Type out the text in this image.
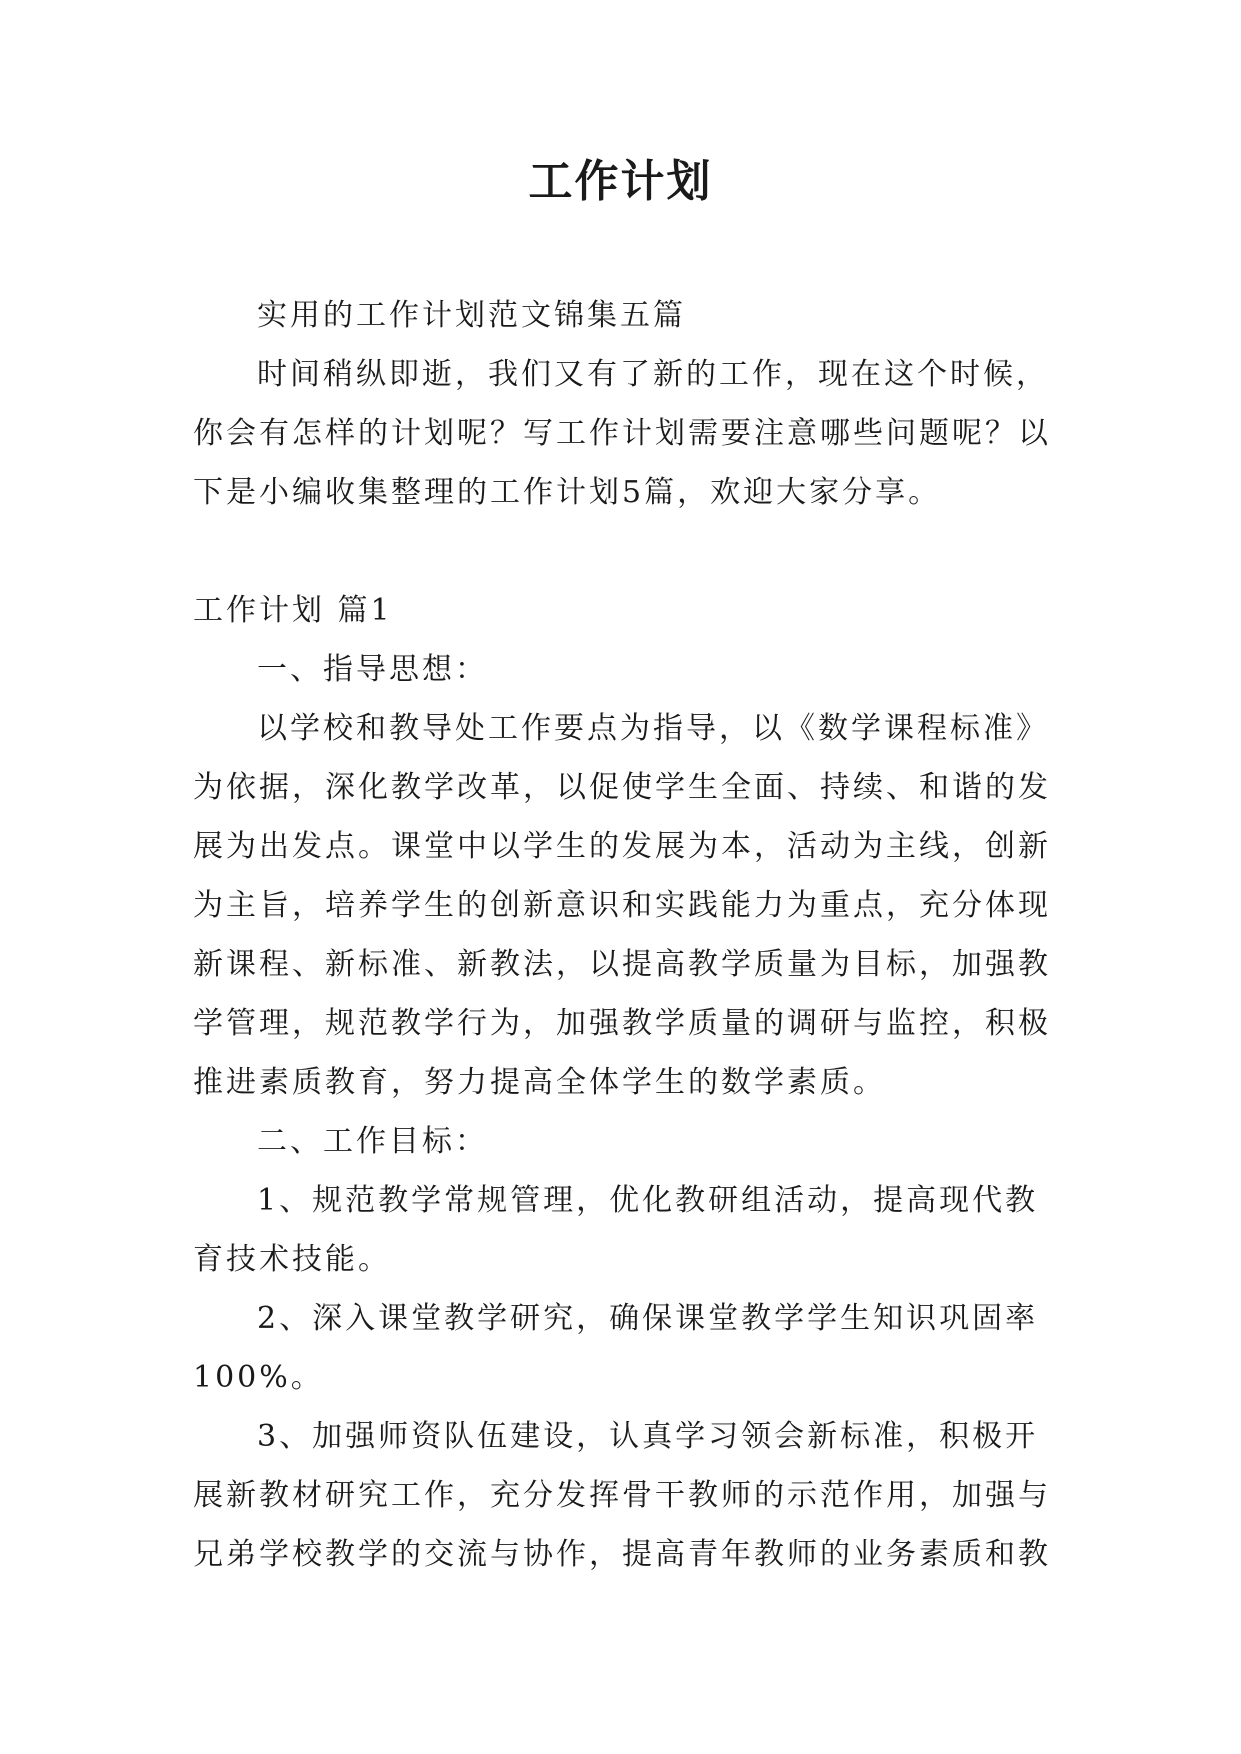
工作计划

实用的工作计划范文锦集五篇

时间稍纵即逝，我们又有了新的工作，现在这个时候，你会有怎样的计划呢？写工作计划需要注意哪些问题呢？以下是小编收集整理的工作计划5篇，欢迎大家分享。

工作计划 篇1

一、指导思想：

以学校和教导处工作要点为指导，以《数学课程标准》为依据，深化教学改革，以促使学生全面、持续、和谐的发展为出发点。课堂中以学生的发展为本，活动为主线，创新为主旨，培养学生的创新意识和实践能力为重点，充分体现新课程、新标准、新教法，以提高教学质量为目标，加强教学管理，规范教学行为，加强教学质量的调研与监控，积极推进素质教育，努力提高全体学生的数学素质。

二、工作目标：

1、规范教学常规管理，优化教研组活动，提高现代教育技术技能。

2、深入课堂教学研究，确保课堂教学学生知识巩固率100%。

3、加强师资队伍建设，认真学习领会新标准，积极开展新教材研究工作，充分发挥骨干教师的示范作用，加强与兄弟学校教学的交流与协作，提高青年教师的业务素质和教
